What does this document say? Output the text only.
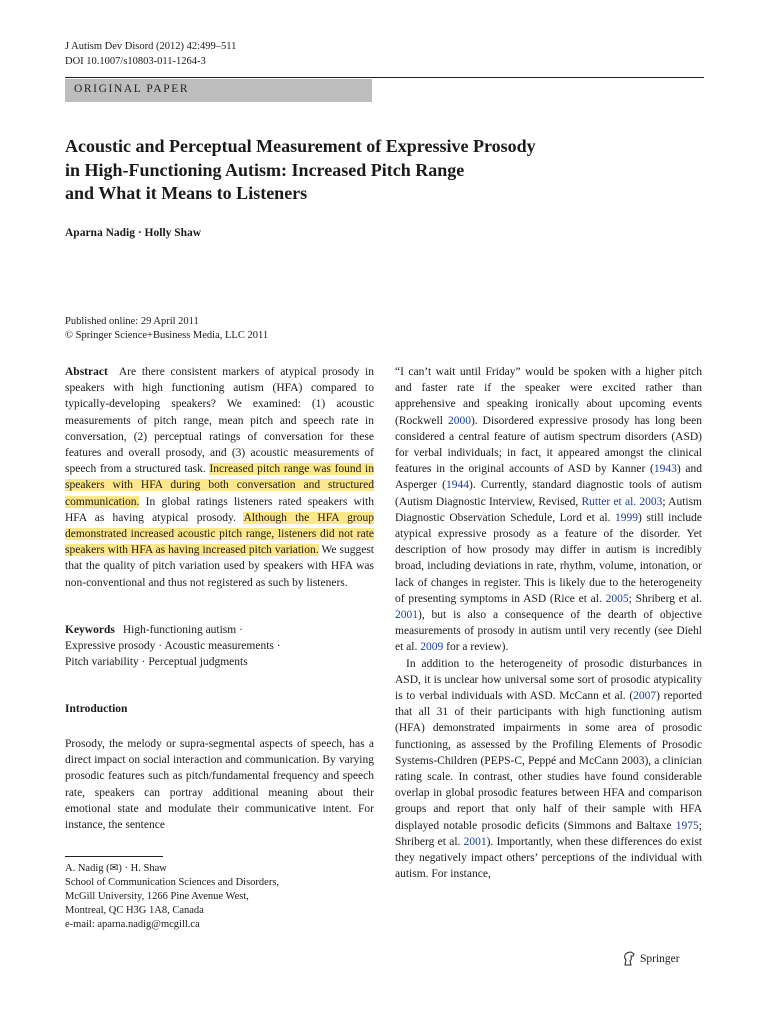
J Autism Dev Disord (2012) 42:499–511
DOI 10.1007/s10803-011-1264-3
ORIGINAL PAPER
Acoustic and Perceptual Measurement of Expressive Prosody
in High-Functioning Autism: Increased Pitch Range
and What it Means to Listeners
Aparna Nadig · Holly Shaw
Published online: 29 April 2011
© Springer Science+Business Media, LLC 2011
Abstract Are there consistent markers of atypical prosody in speakers with high functioning autism (HFA) compared to typically-developing speakers? We examined: (1) acoustic measurements of pitch range, mean pitch and speech rate in conversation, (2) perceptual ratings of conversation for these features and overall prosody, and (3) acoustic measurements of speech from a structured task. Increased pitch range was found in speakers with HFA during both conversation and structured communication. In global ratings listeners rated speakers with HFA as having atypical prosody. Although the HFA group demonstrated increased acoustic pitch range, listeners did not rate speakers with HFA as having increased pitch variation. We suggest that the quality of pitch variation used by speakers with HFA was non-conventional and thus not registered as such by listeners.
Keywords High-functioning autism ·
Expressive prosody · Acoustic measurements ·
Pitch variability · Perceptual judgments
Introduction
Prosody, the melody or supra-segmental aspects of speech, has a direct impact on social interaction and communication. By varying prosodic features such as pitch/fundamental frequency and speech rate, speakers can portray additional meaning about their emotional state and modulate their communicative intent. For instance, the sentence
A. Nadig (✉) · H. Shaw
School of Communication Sciences and Disorders,
McGill University, 1266 Pine Avenue West,
Montreal, QC H3G 1A8, Canada
e-mail: aparna.nadig@mcgill.ca

“I can’t wait until Friday” would be spoken with a higher pitch and faster rate if the speaker were excited rather than apprehensive and speaking ironically about upcoming events (Rockwell 2000). Disordered expressive prosody has long been considered a central feature of autism spectrum disorders (ASD) for verbal individuals; in fact, it appeared amongst the clinical features in the original accounts of ASD by Kanner (1943) and Asperger (1944). Currently, standard diagnostic tools of autism (Autism Diagnostic Interview, Revised, Rutter et al. 2003; Autism Diagnostic Observation Schedule, Lord et al. 1999) still include atypical expressive prosody as a feature of the disorder. Yet description of how prosody may differ in autism is incredibly broad, including deviations in rate, rhythm, volume, intonation, or lack of changes in register. This is likely due to the heterogeneity of presenting symptoms in ASD (Rice et al. 2005; Shriberg et al. 2001), but is also a consequence of the dearth of objective measurements of prosody in autism until very recently (see Diehl et al. 2009 for a review).

In addition to the heterogeneity of prosodic disturbances in ASD, it is unclear how universal some sort of prosodic atypicality is to verbal individuals with ASD. McCann et al. (2007) reported that all 31 of their participants with high functioning autism (HFA) demonstrated impairments in some area of prosodic functioning, as assessed by the Profiling Elements of Prosodic Systems-Children (PEPS-C, Peppé and McCann 2003), a clinician rating scale. In contrast, other studies have found considerable overlap in global prosodic features between HFA and comparison groups and report that only half of their sample with HFA displayed notable prosodic deficits (Simmons and Baltaxe 1975; Shriberg et al. 2001). Importantly, when these differences do exist they negatively impact others’ perceptions of the individual with autism. For instance,

Springer
